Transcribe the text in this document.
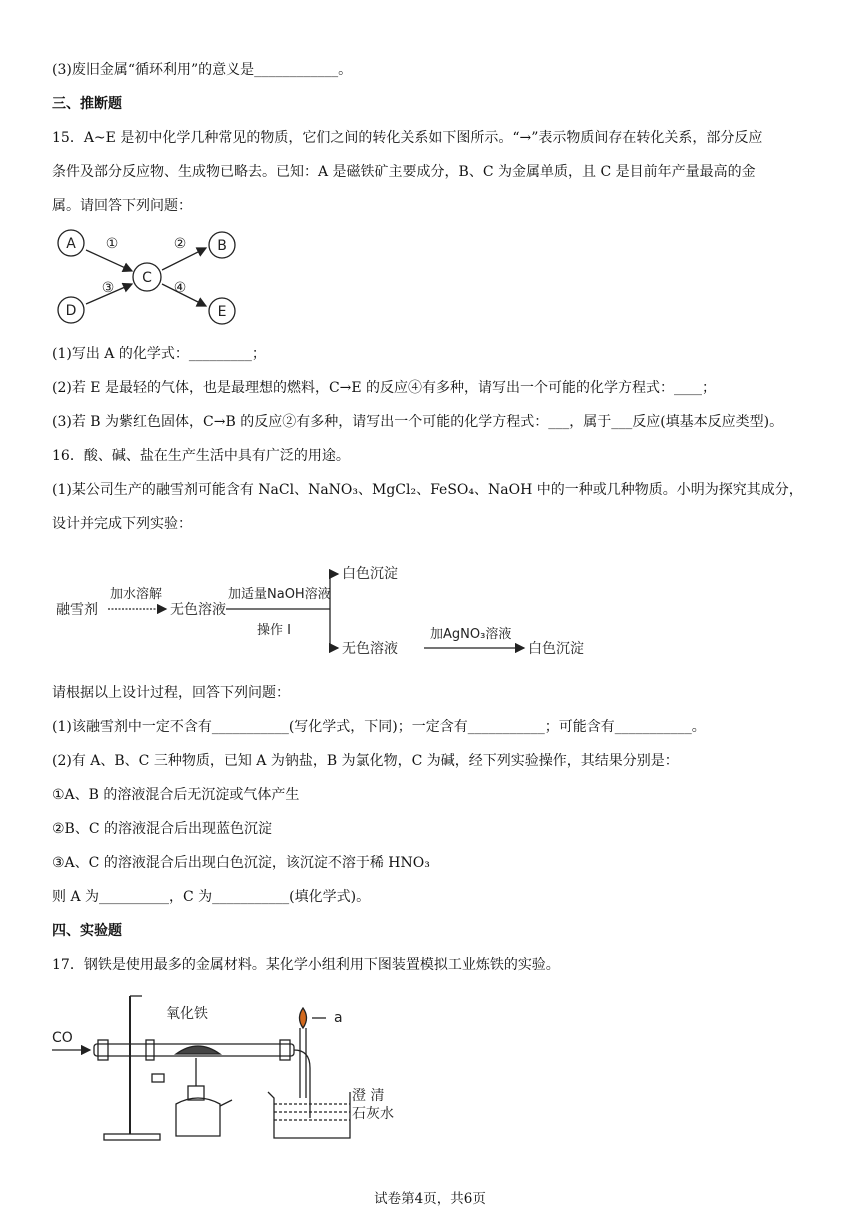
(3)废旧金属“循环利用”的意义是____________。
三、推断题
15．A~E 是初中化学几种常见的物质，它们之间的转化关系如下图所示。“→”表示物质间存在转化关系，部分反应
条件及部分反应物、生成物已略去。已知：A 是磁铁矿主要成分，B、C 为金属单质，且 C 是目前年产量最高的金
属。请回答下列问题：
(1)写出 A 的化学式：_________；
(2)若 E 是最轻的气体，也是最理想的燃料，C→E 的反应④有多种，请写出一个可能的化学方程式：____；
(3)若 B 为紫红色固体，C→B 的反应②有多种，请写出一个可能的化学方程式：___，属于___反应(填基本反应类型)。
16．酸、碱、盐在生产生活中具有广泛的用途。
(1)某公司生产的融雪剂可能含有 NaCl、NaNO₃、MgCl₂、FeSO₄、NaOH 中的一种或几种物质。小明为探究其成分，
设计并完成下列实验：
请根据以上设计过程，回答下列问题：
(1)该融雪剂中一定不含有___________(写化学式，下同)；一定含有___________；可能含有___________。
(2)有 A、B、C 三种物质，已知 A 为钠盐，B 为氯化物，C 为碱，经下列实验操作，其结果分别是：
①A、B 的溶液混合后无沉淀或气体产生
②B、C 的溶液混合后出现蓝色沉淀
③A、C 的溶液混合后出现白色沉淀，该沉淀不溶于稀 HNO₃
则 A 为__________，C 为___________(填化学式)。
四、实验题
17．钢铁是使用最多的金属材料。某化学小组利用下图装置模拟工业炼铁的实验。
A
D
C
B
E
①	②
③	④
融雪剂
加水溶解
无色溶液
加适量NaOH溶液
操作 I
白色沉淀
无色溶液
加AgNO₃溶液
白色沉淀
CO
氧化铁	a
澄 清
石灰水
试卷第4页，共6页
